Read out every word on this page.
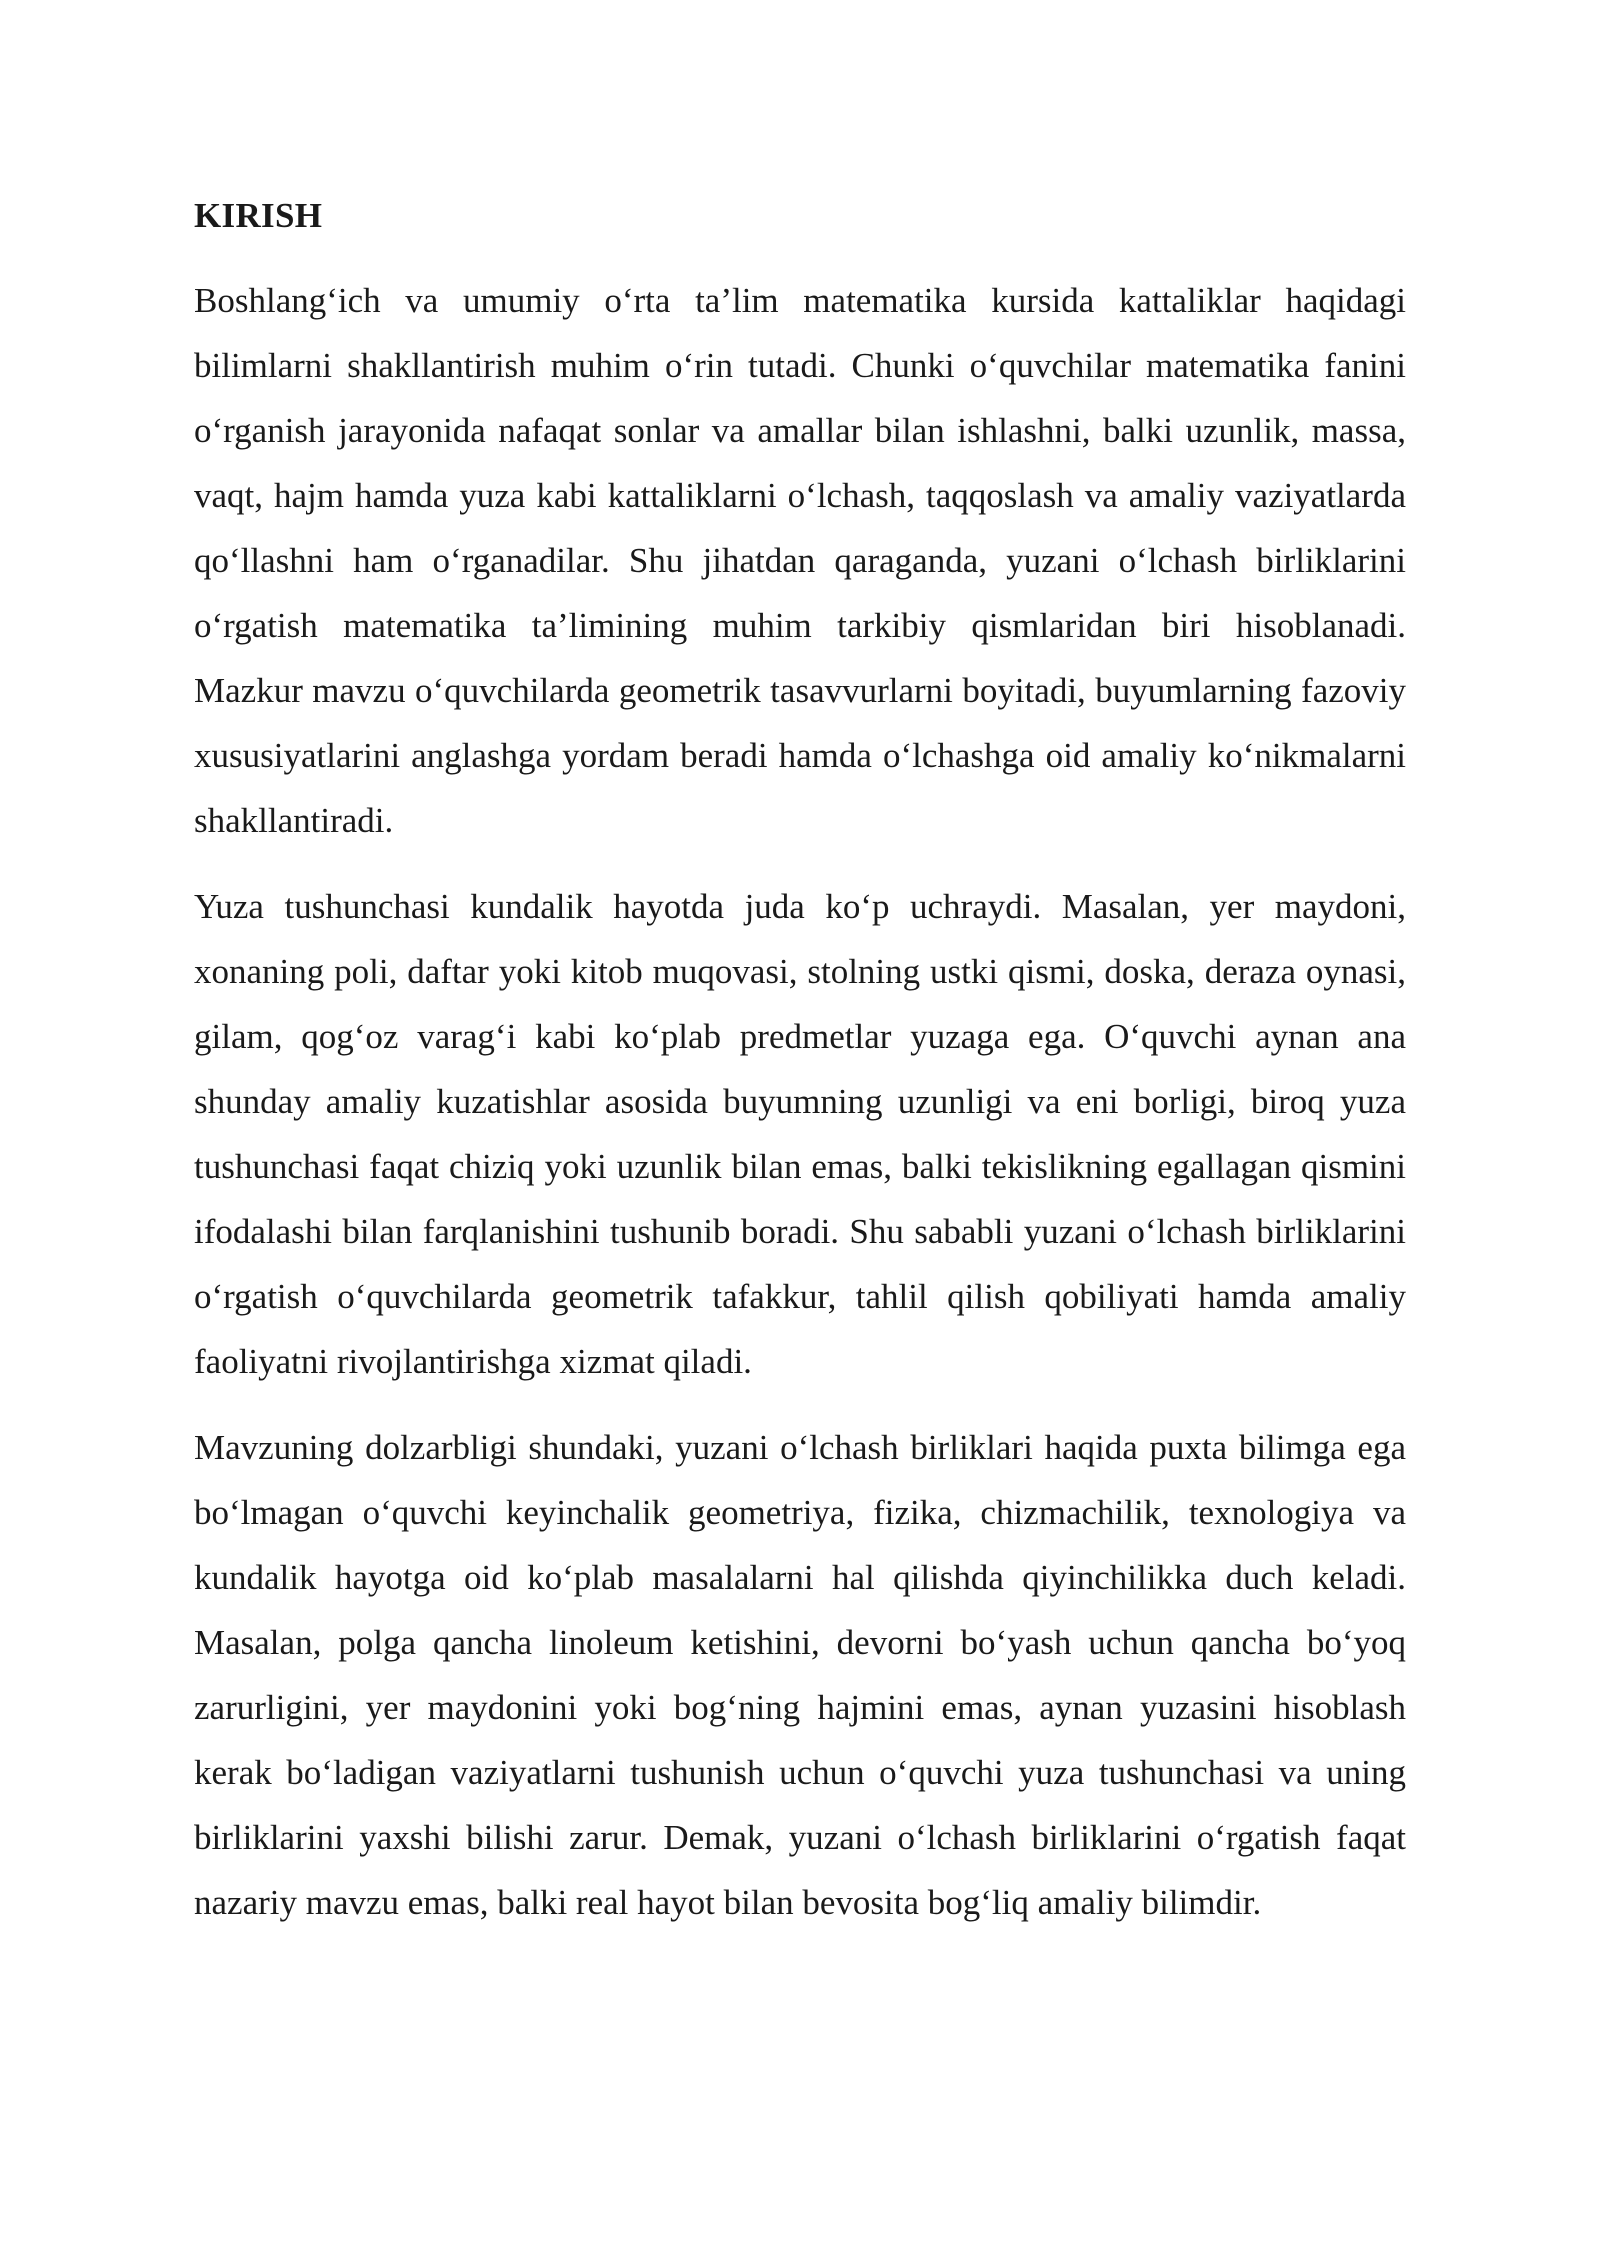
KIRISH

Boshlang‘ich va umumiy o‘rta ta’lim matematika kursida kattaliklar haqidagi bilimlarni shakllantirish muhim o‘rin tutadi. Chunki o‘quvchilar matematika fanini o‘rganish jarayonida nafaqat sonlar va amallar bilan ishlashni, balki uzunlik, massa, vaqt, hajm hamda yuza kabi kattaliklarni o‘lchash, taqqoslash va amaliy vaziyatlarda qo‘llashni ham o‘rganadilar. Shu jihatdan qaraganda, yuzani o‘lchash birliklarini o‘rgatish matematika ta’limining muhim tarkibiy qismlaridan biri hisoblanadi. Mazkur mavzu o‘quvchilarda geometrik tasavvurlarni boyitadi, buyumlarning fazoviy xususiyatlarini anglashga yordam beradi hamda o‘lchashga oid amaliy ko‘nikmalarni shakllantiradi.

Yuza tushunchasi kundalik hayotda juda ko‘p uchraydi. Masalan, yer maydoni, xonaning poli, daftar yoki kitob muqovasi, stolning ustki qismi, doska, deraza oynasi, gilam, qog‘oz varag‘i kabi ko‘plab predmetlar yuzaga ega. O‘quvchi aynan ana shunday amaliy kuzatishlar asosida buyumning uzunligi va eni borligi, biroq yuza tushunchasi faqat chiziq yoki uzunlik bilan emas, balki tekislikning egallagan qismini ifodalashi bilan farqlanishini tushunib boradi. Shu sababli yuzani o‘lchash birliklarini o‘rgatish o‘quvchilarda geometrik tafakkur, tahlil qilish qobiliyati hamda amaliy faoliyatni rivojlantirishga xizmat qiladi.

Mavzuning dolzarbligi shundaki, yuzani o‘lchash birliklari haqida puxta bilimga ega bo‘lmagan o‘quvchi keyinchalik geometriya, fizika, chizmachilik, texnologiya va kundalik hayotga oid ko‘plab masalalarni hal qilishda qiyinchilikka duch keladi. Masalan, polga qancha linoleum ketishini, devorni bo‘yash uchun qancha bo‘yoq zarurligini, yer maydonini yoki bog‘ning hajmini emas, aynan yuzasini hisoblash kerak bo‘ladigan vaziyatlarni tushunish uchun o‘quvchi yuza tushunchasi va uning birliklarini yaxshi bilishi zarur. Demak, yuzani o‘lchash birliklarini o‘rgatish faqat nazariy mavzu emas, balki real hayot bilan bevosita bog‘liq amaliy bilimdir.
